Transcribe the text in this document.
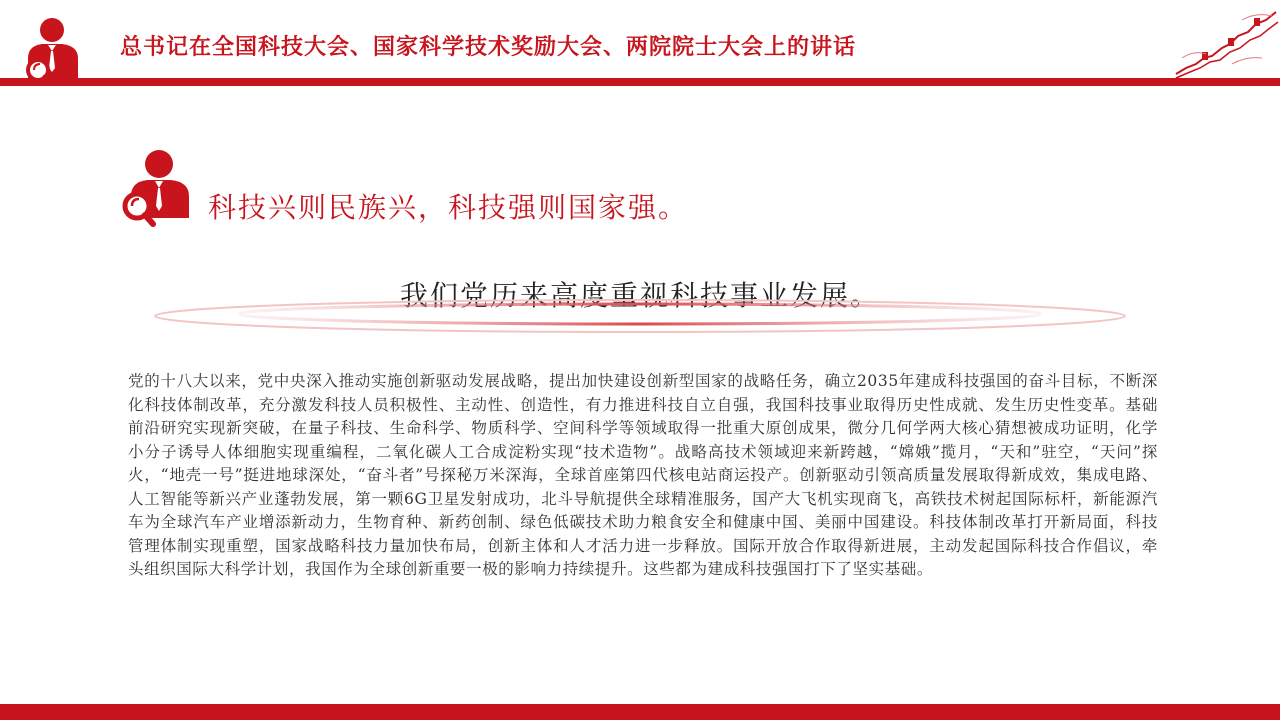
总书记在全国科技大会、国家科学技术奖励大会、两院院士大会上的讲话
科技兴则民族兴，科技强则国家强。
我们党历来高度重视科技事业发展。
党的十八大以来，党中央深入推动实施创新驱动发展战略，提出加快建设创新型国家的战略任务，确立2035年建成科技强国的奋斗目标，不断深化科技体制改革，充分激发科技人员积极性、主动性、创造性，有力推进科技自立自强，我国科技事业取得历史性成就、发生历史性变革。基础前沿研究实现新突破，在量子科技、生命科学、物质科学、空间科学等领域取得一批重大原创成果，微分几何学两大核心猜想被成功证明，化学小分子诱导人体细胞实现重编程，二氧化碳人工合成淀粉实现“技术造物”。战略高技术领域迎来新跨越，“嫦娥”揽月，“天和”驻空，“天问”探火，“地壳一号”挺进地球深处，“奋斗者”号探秘万米深海，全球首座第四代核电站商运投产。创新驱动引领高质量发展取得新成效，集成电路、人工智能等新兴产业蓬勃发展，第一颗6G卫星发射成功，北斗导航提供全球精准服务，国产大飞机实现商飞，高铁技术树起国际标杆，新能源汽车为全球汽车产业增添新动力，生物育种、新药创制、绿色低碳技术助力粮食安全和健康中国、美丽中国建设。科技体制改革打开新局面，科技管理体制实现重塑，国家战略科技力量加快布局，创新主体和人才活力进一步释放。国际开放合作取得新进展，主动发起国际科技合作倡议，牵头组织国际大科学计划，我国作为全球创新重要一极的影响力持续提升。这些都为建成科技强国打下了坚实基础。
